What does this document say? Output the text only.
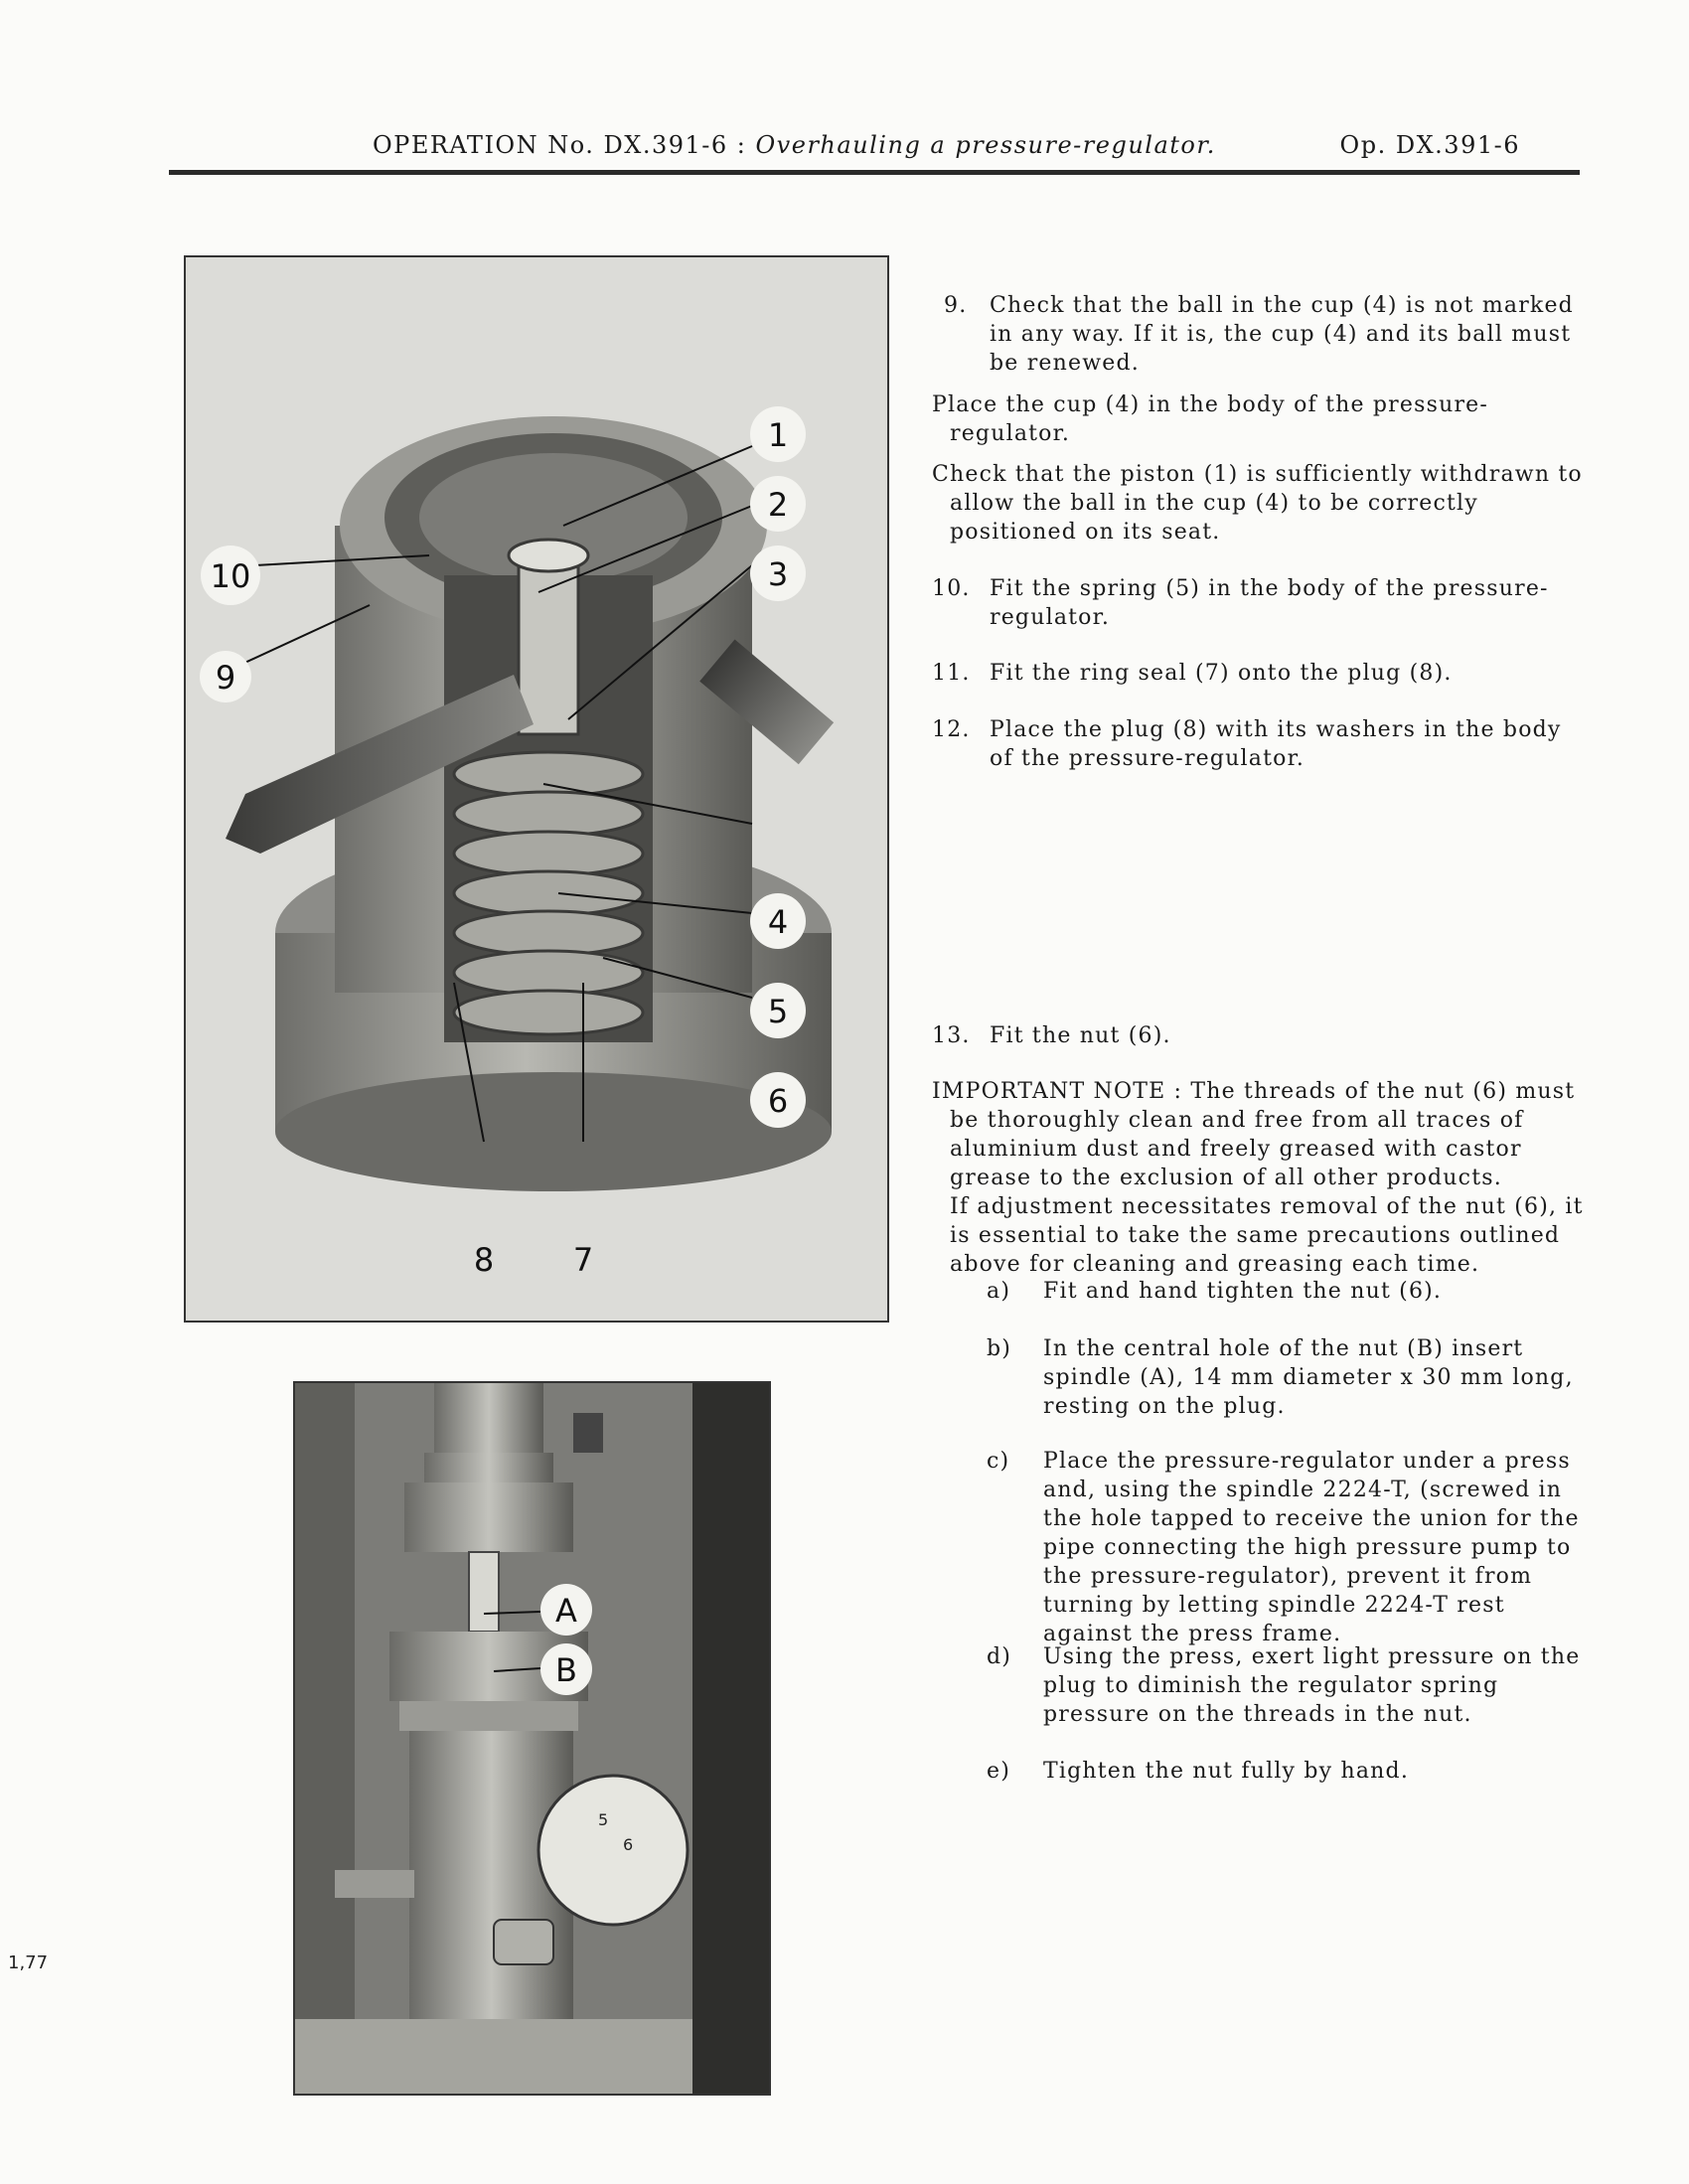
OPERATION No. DX.391-6 : Overhauling a pressure-regulator.	Op. DX.391-6
1
2
3
4
5
6
7
8
9
10
5
6
A
B
9. Check that the ball in the cup (4) is not marked in any way. If it is, the cup (4) and its ball must be renewed.
Place the cup (4) in the body of the pressure-regulator.
Check that the piston (1) is sufficiently withdrawn to allow the ball in the cup (4) to be correctly positioned on its seat.
10. Fit the spring (5) in the body of the pressure-regulator.
11. Fit the ring seal (7) onto the plug (8).
12. Place the plug (8) with its washers in the body of the pressure-regulator.
13. Fit the nut (6).
IMPORTANT NOTE : The threads of the nut (6) must be thoroughly clean and free from all traces of aluminium dust and freely greased with castor grease to the exclusion of all other products.
If adjustment necessitates removal of the nut (6), it is essential to take the same precautions outlined above for cleaning and greasing each time.
a) Fit and hand tighten the nut (6).
b) In the central hole of the nut (B) insert spindle (A), 14 mm diameter x 30 mm long, resting on the plug.
c) Place the pressure-regulator under a press and, using the spindle 2224-T, (screwed in the hole tapped to receive the union for the pipe connecting the high pressure pump to the pressure-regulator), prevent it from turning by letting spindle 2224-T rest against the press frame.
d) Using the press, exert light pressure on the plug to diminish the regulator spring pressure on the threads in the nut.
e) Tighten the nut fully by hand.
1,77
